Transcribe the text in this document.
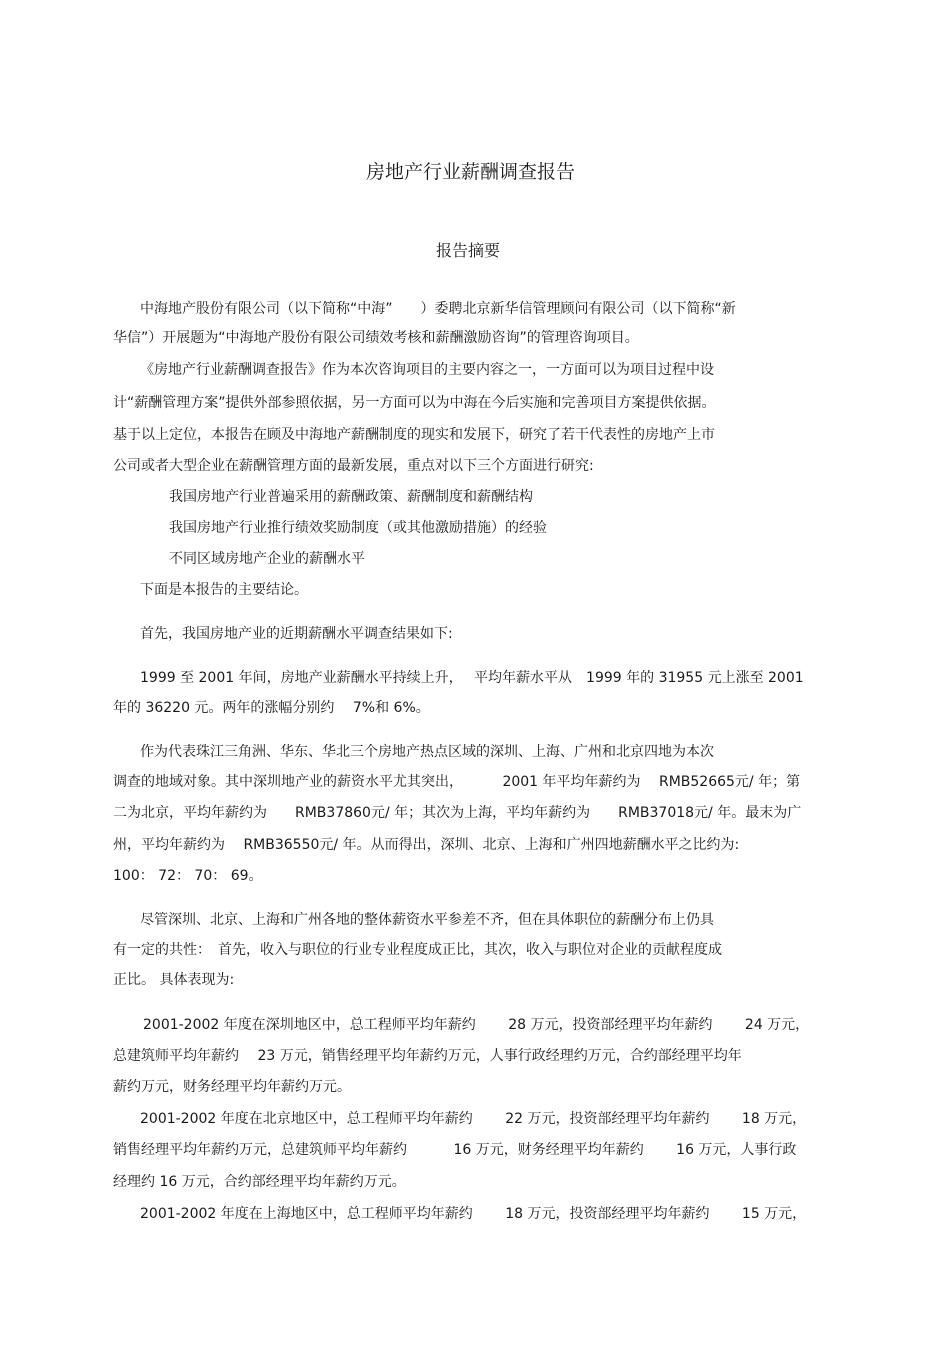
房地产行业薪酬调查报告
报告摘要
中海地产股份有限公司（以下简称“中海”　　）委聘北京新华信管理顾问有限公司（以下简称“新
华信”）开展题为“中海地产股份有限公司绩效考核和薪酬激励咨询”的管理咨询项目。
《房地产行业薪酬调查报告》作为本次咨询项目的主要内容之一，一方面可以为项目过程中设
计“薪酬管理方案”提供外部参照依据，另一方面可以为中海在今后实施和完善项目方案提供依据。
基于以上定位，本报告在顾及中海地产薪酬制度的现实和发展下，研究了若干代表性的房地产上市
公司或者大型企业在薪酬管理方面的最新发展，重点对以下三个方面进行研究:
我国房地产行业普遍采用的薪酬政策、薪酬制度和薪酬结构
我国房地产行业推行绩效奖励制度（或其他激励措施）的经验
不同区域房地产企业的薪酬水平
下面是本报告的主要结论。
首先，我国房地产业的近期薪酬水平调查结果如下:
1999 至 2001 年间，房地产业薪酬水平持续上升，　 平均年薪水平从　1999 年的 31955 元上涨至 2001
年的 36220 元。两年的涨幅分别约　 7%和 6%。
作为代表珠江三角洲、华东、华北三个房地产热点区域的深圳、上海、广州和北京四地为本次
调查的地域对象。其中深圳地产业的薪资水平尤其突出，　　　 2001 年平均年薪约为　 RMB52665元/ 年；第
二为北京，平均年薪约为　　RMB37860元/ 年；其次为上海，平均年薪约为　　RMB37018元/ 年。最末为广
州，平均年薪约为　 RMB36550元/ 年。从而得出，深圳、北京、上海和广州四地薪酬水平之比约为:
100： 72： 70： 69。
尽管深圳、北京、上海和广州各地的整体薪资水平参差不齐，但在具体职位的薪酬分布上仍具
有一定的共性：　首先，收入与职位的行业专业程度成正比，其次，收入与职位对企业的贡献程度成
正比。 具体表现为:
2001-2002 年度在深圳地区中，总工程师平均年薪约　　 28 万元，投资部经理平均年薪约　　 24 万元，
总建筑师平均年薪约　 23 万元，销售经理平均年薪约万元，人事行政经理约万元，合约部经理平均年
薪约万元，财务经理平均年薪约万元。
2001-2002 年度在北京地区中，总工程师平均年薪约　　 22 万元，投资部经理平均年薪约　　 18 万元，
销售经理平均年薪约万元，总建筑师平均年薪约　　　 16 万元，财务经理平均年薪约　　 16 万元，人事行政
经理约 16 万元，合约部经理平均年薪约万元。
2001-2002 年度在上海地区中，总工程师平均年薪约　　 18 万元，投资部经理平均年薪约　　 15 万元，
